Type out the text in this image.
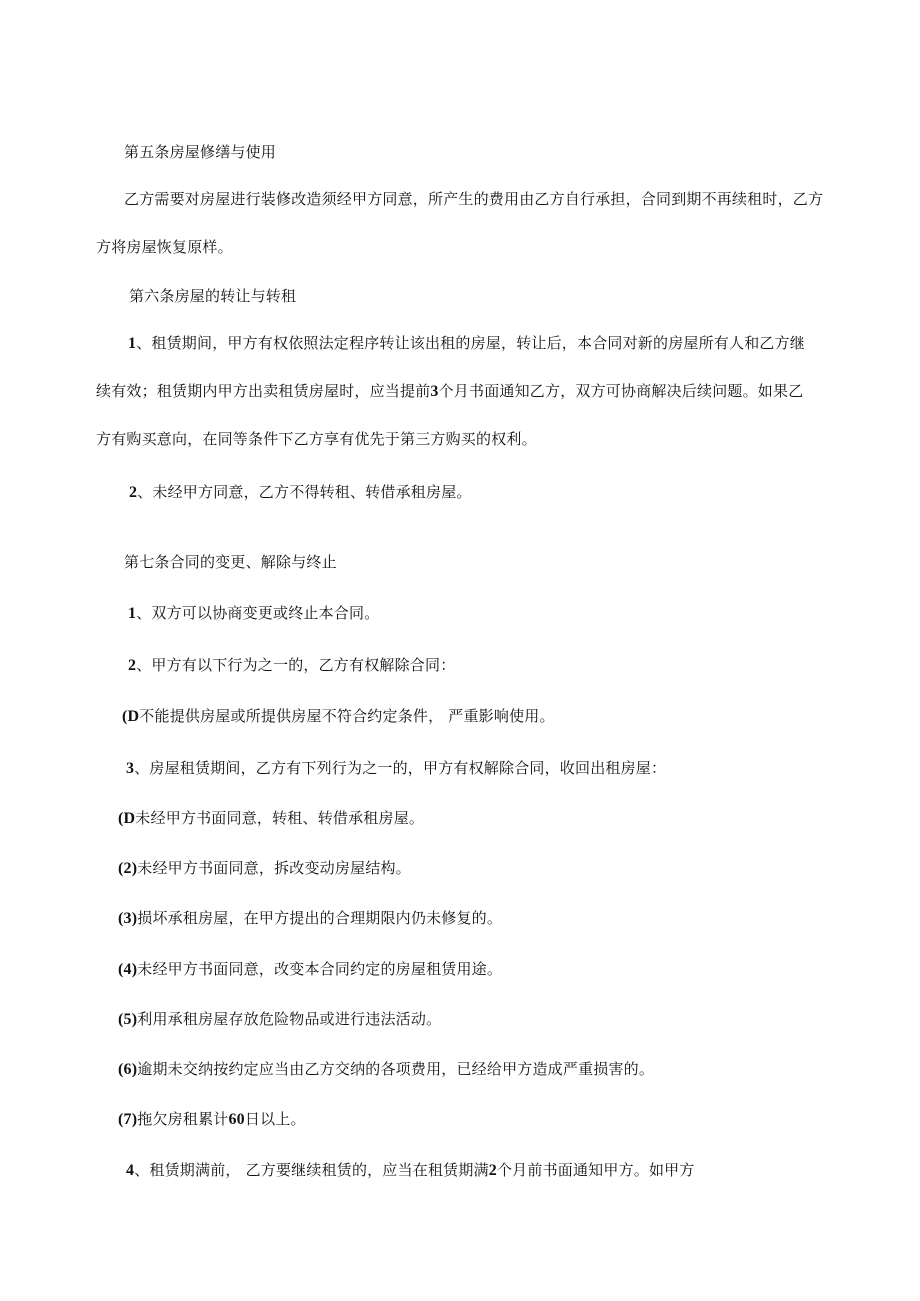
第五条房屋修缮与使用
乙方需要对房屋进行装修改造须经甲方同意，所产生的费用由乙方自行承担，合同到期不再续租时，乙方
方将房屋恢复原样。
第六条房屋的转让与转租
1、租赁期间，甲方有权依照法定程序转让该出租的房屋，转让后，本合同对新的房屋所有人和乙方继
续有效；租赁期内甲方出卖租赁房屋时，应当提前3个月书面通知乙方，双方可协商解决后续问题。如果乙
方有购买意向，在同等条件下乙方享有优先于第三方购买的权利。
2、未经甲方同意，乙方不得转租、转借承租房屋。
第七条合同的变更、解除与终止
1、双方可以协商变更或终止本合同。
2、甲方有以下行为之一的，乙方有权解除合同：
(D不能提供房屋或所提供房屋不符合约定条件， 严重影响使用。
3、房屋租赁期间，乙方有下列行为之一的，甲方有权解除合同，收回出租房屋：
(D未经甲方书面同意，转租、转借承租房屋。
(2)未经甲方书面同意，拆改变动房屋结构。
(3)损坏承租房屋，在甲方提出的合理期限内仍未修复的。
(4)未经甲方书面同意，改变本合同约定的房屋租赁用途。
(5)利用承租房屋存放危险物品或进行违法活动。
(6)逾期未交纳按约定应当由乙方交纳的各项费用，已经给甲方造成严重损害的。
(7)拖欠房租累计60日以上。
4、租赁期满前， 乙方要继续租赁的，应当在租赁期满2个月前书面通知甲方。如甲方
